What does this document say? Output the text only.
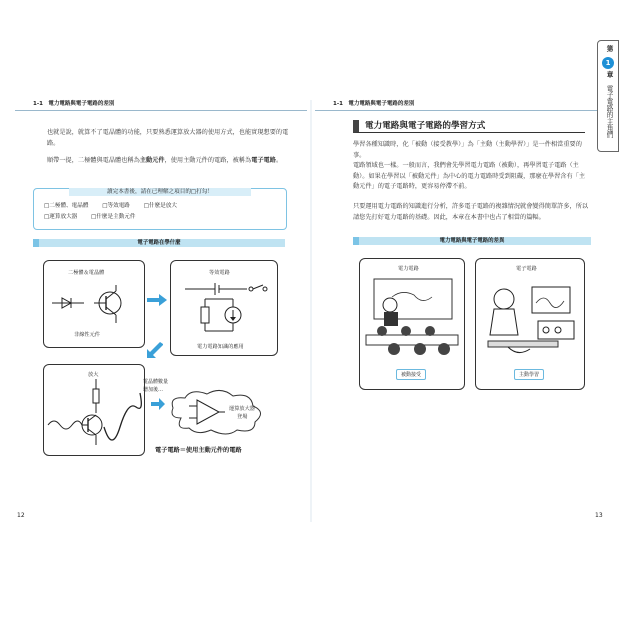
1-1　電力電路與電子電路的差別
也就是說，就算不了電晶體的功能，只要熟悉運算放大器的使用方式，也能實現想要的電路。
順帶一提，二極體與電晶體也稱為主動元件，使用主動元件的電路，被稱為電子電路。
讀完本書後，請在已理解之項目的□打勾！
□二極體、電晶體 □等效電路 □什麼是放大
□運算放大器 □什麼是主動元件
電子電路在學什麼
二極體＆電晶體
非線性元件
等效電路
電力電路知識的應用
放大
電晶體數量
增加後…
運算放大器
登場
電子電路＝使用主動元件的電路
12
1-1　電力電路與電子電路的差別
電力電路與電子電路的學習方式
學習各種知識時，化「被動（接受教學）」為「主動（主動學習）」是一件相當重要的事。
電路領域也一樣。一般而言，我們會先學習電力電路（被動），再學習電子電路（主動）。如果在學習以「被動元件」為中心的電力電路時受到阻礙，那麼在學習含有「主動元件」的電子電路時，更容易停滯不前。
只要運用電力電路的知識進行分析，許多電子電路的複雜情況就會變得簡單許多，所以請您先打好電力電路的基礎。因此，本章在本書中也占了相當的篇幅。
電力電路與電子電路的差異
電力電路
被動接受
電子電路
主動學習
13
第
1
章
電子電路的主角們
